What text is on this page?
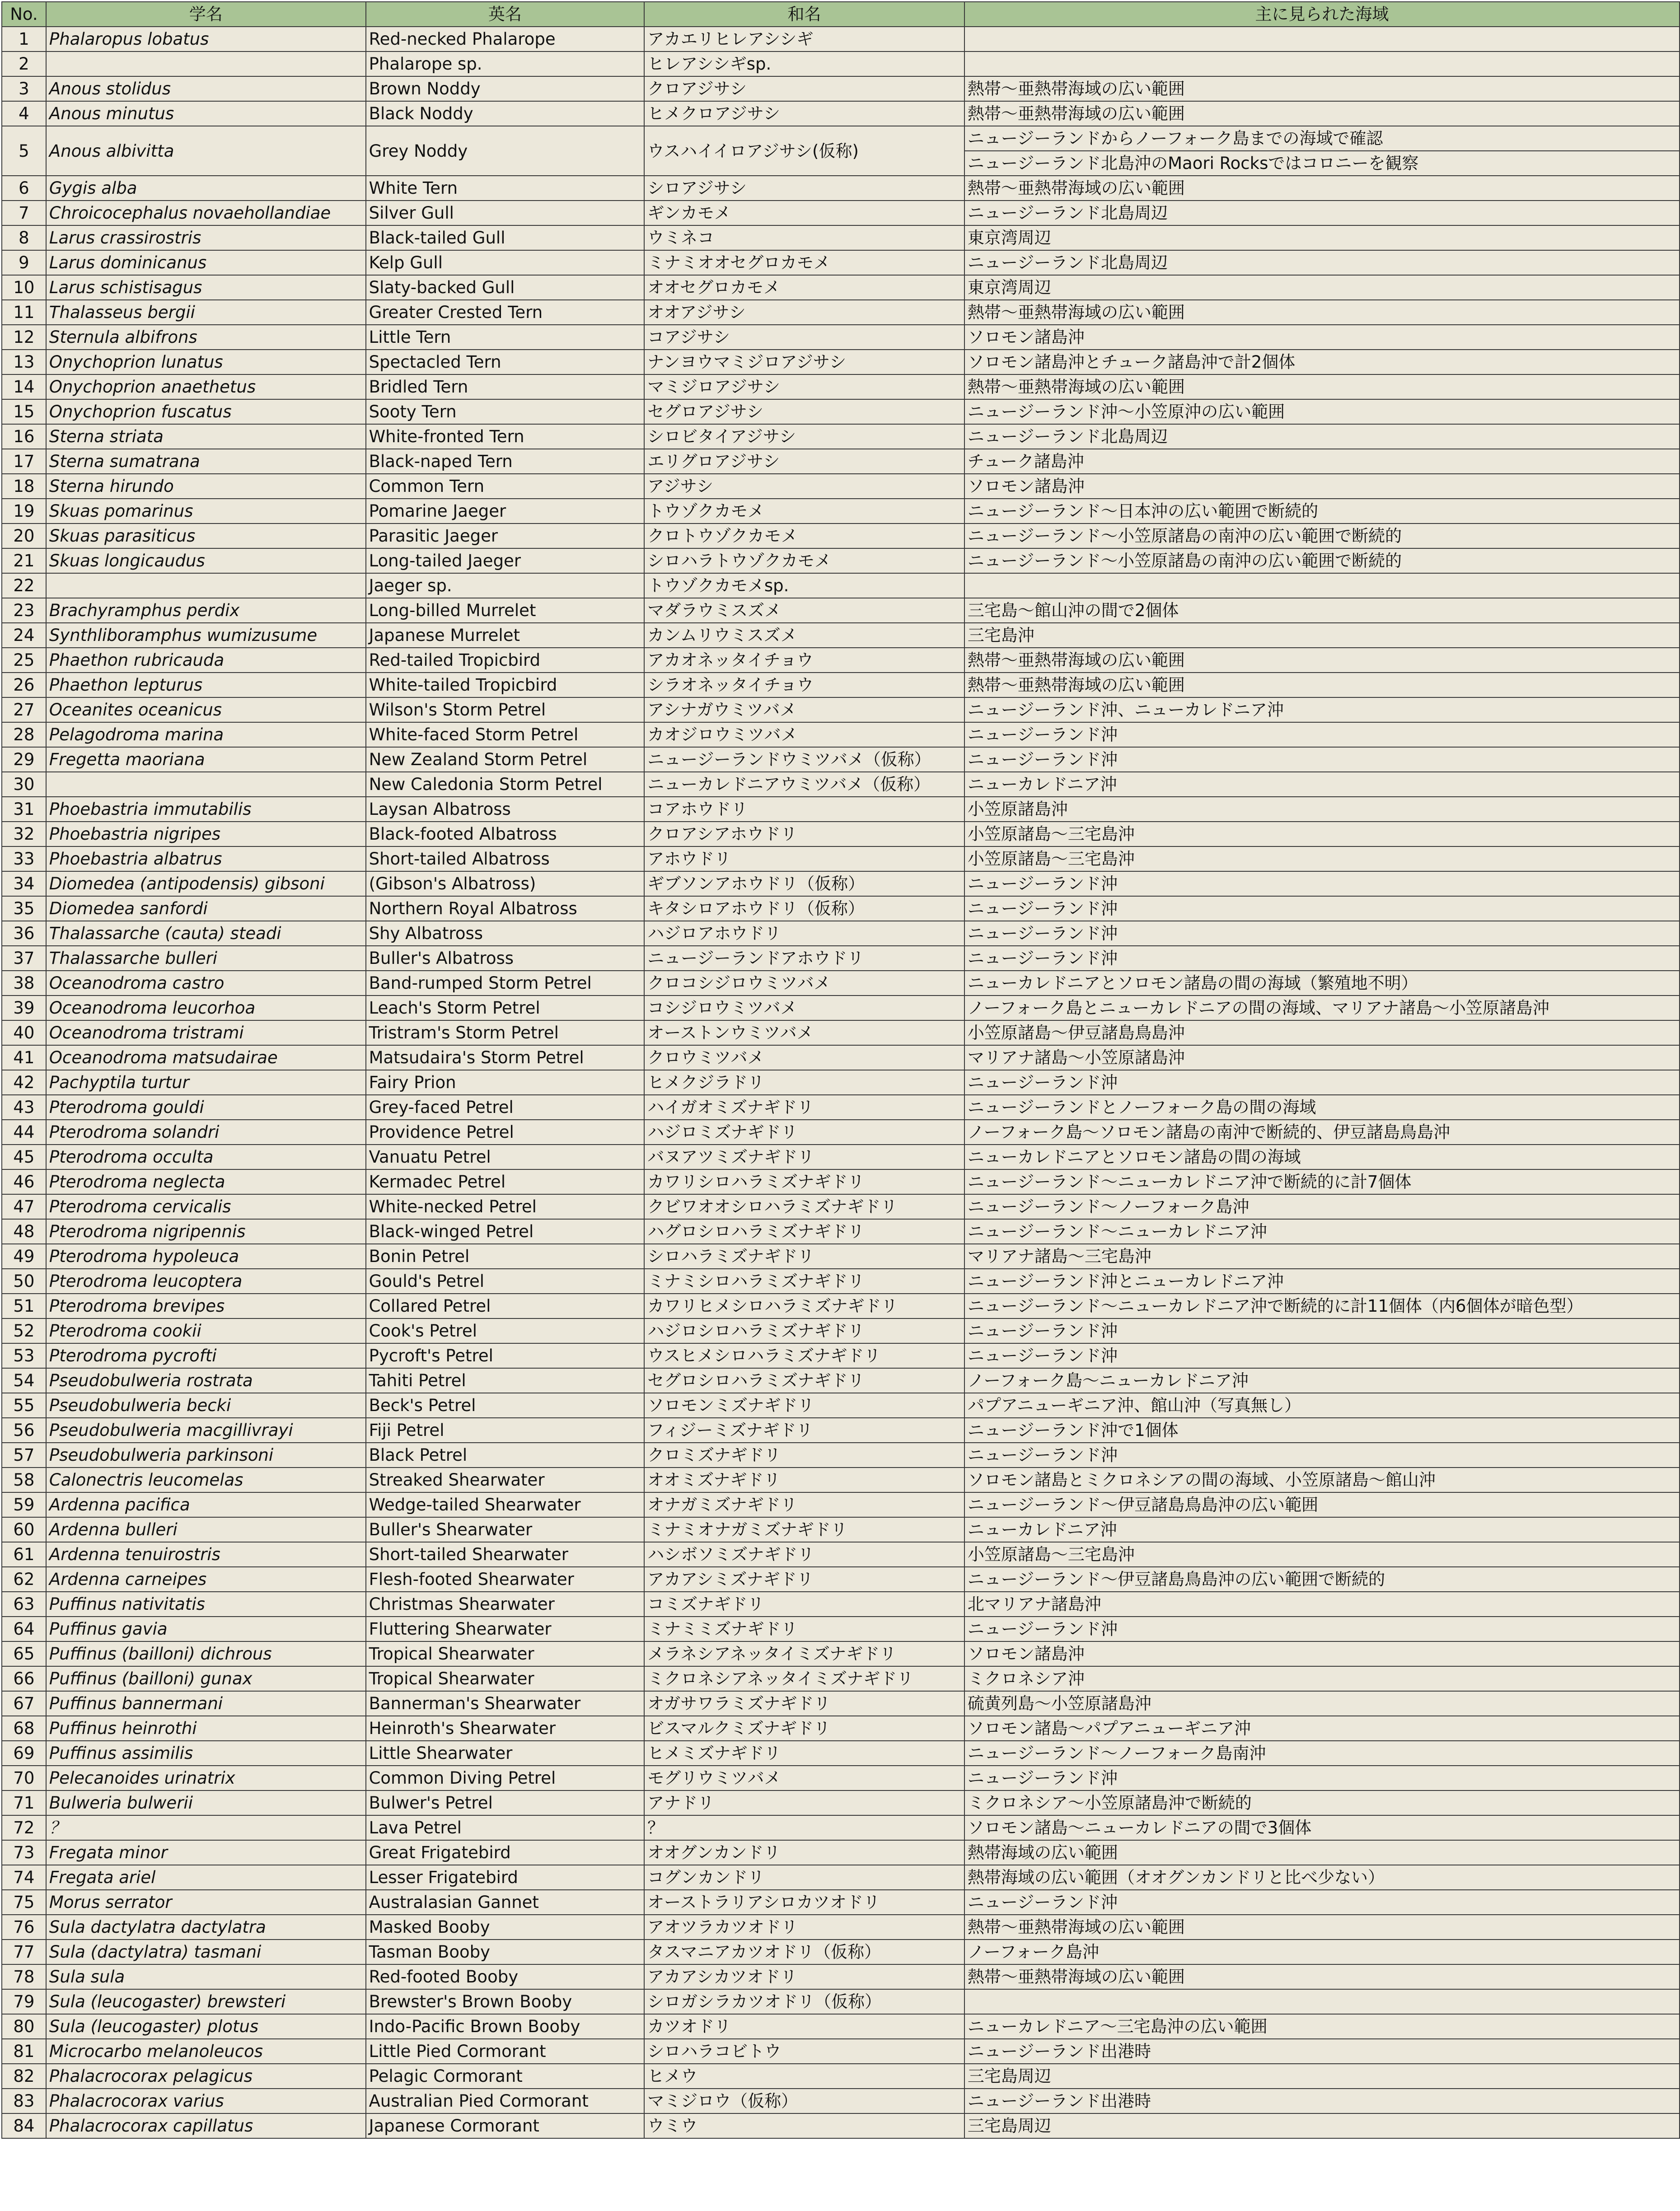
No.	学名	英名	和名	主に見られた海域
1	Phalaropus lobatus	Red-necked Phalarope	アカエリヒレアシシギ	
2		Phalarope sp.	ヒレアシシギsp.	
3	Anous stolidus	Brown Noddy	クロアジサシ	熱帯～亜熱帯海域の広い範囲
4	Anous minutus	Black Noddy	ヒメクロアジサシ	熱帯～亜熱帯海域の広い範囲
5	Anous albivitta	Grey Noddy	ウスハイイロアジサシ(仮称)	ニュージーランドからノーフォーク島までの海域で確認
				ニュージーランド北島沖のMaori Rocksではコロニーを観察
6	Gygis alba	White Tern	シロアジサシ	熱帯～亜熱帯海域の広い範囲
7	Chroicocephalus novaehollandiae	Silver Gull	ギンカモメ	ニュージーランド北島周辺
8	Larus crassirostris	Black-tailed Gull	ウミネコ	東京湾周辺
9	Larus dominicanus	Kelp Gull	ミナミオオセグロカモメ	ニュージーランド北島周辺
10	Larus schistisagus	Slaty-backed Gull	オオセグロカモメ	東京湾周辺
11	Thalasseus bergii	Greater Crested Tern	オオアジサシ	熱帯～亜熱帯海域の広い範囲
12	Sternula albifrons	Little Tern	コアジサシ	ソロモン諸島沖
13	Onychoprion lunatus	Spectacled Tern	ナンヨウマミジロアジサシ	ソロモン諸島沖とチューク諸島沖で計2個体
14	Onychoprion anaethetus	Bridled Tern	マミジロアジサシ	熱帯～亜熱帯海域の広い範囲
15	Onychoprion fuscatus	Sooty Tern	セグロアジサシ	ニュージーランド沖～小笠原沖の広い範囲
16	Sterna striata	White-fronted Tern	シロビタイアジサシ	ニュージーランド北島周辺
17	Sterna sumatrana	Black-naped Tern	エリグロアジサシ	チューク諸島沖
18	Sterna hirundo	Common Tern	アジサシ	ソロモン諸島沖
19	Skuas pomarinus	Pomarine Jaeger	トウゾクカモメ	ニュージーランド～日本沖の広い範囲で断続的
20	Skuas parasiticus	Parasitic Jaeger	クロトウゾクカモメ	ニュージーランド～小笠原諸島の南沖の広い範囲で断続的
21	Skuas longicaudus	Long-tailed Jaeger	シロハラトウゾクカモメ	ニュージーランド～小笠原諸島の南沖の広い範囲で断続的
22		Jaeger sp.	トウゾクカモメsp.	
23	Brachyramphus perdix	Long-billed Murrelet	マダラウミスズメ	三宅島～館山沖の間で2個体
24	Synthliboramphus wumizusume	Japanese Murrelet	カンムリウミスズメ	三宅島沖
25	Phaethon rubricauda	Red-tailed Tropicbird	アカオネッタイチョウ	熱帯～亜熱帯海域の広い範囲
26	Phaethon lepturus	White-tailed Tropicbird	シラオネッタイチョウ	熱帯～亜熱帯海域の広い範囲
27	Oceanites oceanicus	Wilson's Storm Petrel	アシナガウミツバメ	ニュージーランド沖、ニューカレドニア沖
28	Pelagodroma marina	White-faced Storm Petrel	カオジロウミツバメ	ニュージーランド沖
29	Fregetta maoriana	New Zealand Storm Petrel	ニュージーランドウミツバメ（仮称）	ニュージーランド沖
30		New Caledonia Storm Petrel	ニューカレドニアウミツバメ（仮称）	ニューカレドニア沖
31	Phoebastria immutabilis	Laysan Albatross	コアホウドリ	小笠原諸島沖
32	Phoebastria nigripes	Black-footed Albatross	クロアシアホウドリ	小笠原諸島～三宅島沖
33	Phoebastria albatrus	Short-tailed Albatross	アホウドリ	小笠原諸島～三宅島沖
34	Diomedea (antipodensis) gibsoni	(Gibson's Albatross)	ギブソンアホウドリ（仮称）	ニュージーランド沖
35	Diomedea sanfordi	Northern Royal Albatross	キタシロアホウドリ（仮称）	ニュージーランド沖
36	Thalassarche (cauta) steadi	Shy Albatross	ハジロアホウドリ	ニュージーランド沖
37	Thalassarche bulleri	Buller's Albatross	ニュージーランドアホウドリ	ニュージーランド沖
38	Oceanodroma castro	Band-rumped Storm Petrel	クロコシジロウミツバメ	ニューカレドニアとソロモン諸島の間の海域（繁殖地不明）
39	Oceanodroma leucorhoa	Leach's Storm Petrel	コシジロウミツバメ	ノーフォーク島とニューカレドニアの間の海域、マリアナ諸島～小笠原諸島沖
40	Oceanodroma tristrami	Tristram's Storm Petrel	オーストンウミツバメ	小笠原諸島～伊豆諸島鳥島沖
41	Oceanodroma matsudairae	Matsudaira's Storm Petrel	クロウミツバメ	マリアナ諸島～小笠原諸島沖
42	Pachyptila turtur	Fairy Prion	ヒメクジラドリ	ニュージーランド沖
43	Pterodroma gouldi	Grey-faced Petrel	ハイガオミズナギドリ	ニュージーランドとノーフォーク島の間の海域
44	Pterodroma solandri	Providence Petrel	ハジロミズナギドリ	ノーフォーク島～ソロモン諸島の南沖で断続的、伊豆諸島鳥島沖
45	Pterodroma occulta	Vanuatu Petrel	バヌアツミズナギドリ	ニューカレドニアとソロモン諸島の間の海域
46	Pterodroma neglecta	Kermadec Petrel	カワリシロハラミズナギドリ	ニュージーランド～ニューカレドニア沖で断続的に計7個体
47	Pterodroma cervicalis	White-necked Petrel	クビワオオシロハラミズナギドリ	ニュージーランド～ノーフォーク島沖
48	Pterodroma nigripennis	Black-winged Petrel	ハグロシロハラミズナギドリ	ニュージーランド～ニューカレドニア沖
49	Pterodroma hypoleuca	Bonin Petrel	シロハラミズナギドリ	マリアナ諸島～三宅島沖
50	Pterodroma leucoptera	Gould's Petrel	ミナミシロハラミズナギドリ	ニュージーランド沖とニューカレドニア沖
51	Pterodroma brevipes	Collared Petrel	カワリヒメシロハラミズナギドリ	ニュージーランド～ニューカレドニア沖で断続的に計11個体（内6個体が暗色型）
52	Pterodroma cookii	Cook's Petrel	ハジロシロハラミズナギドリ	ニュージーランド沖
53	Pterodroma pycrofti	Pycroft's Petrel	ウスヒメシロハラミズナギドリ	ニュージーランド沖
54	Pseudobulweria rostrata	Tahiti Petrel	セグロシロハラミズナギドリ	ノーフォーク島～ニューカレドニア沖
55	Pseudobulweria becki	Beck's Petrel	ソロモンミズナギドリ	パプアニューギニア沖、館山沖（写真無し）
56	Pseudobulweria macgillivrayi	Fiji Petrel	フィジーミズナギドリ	ニュージーランド沖で1個体
57	Pseudobulweria parkinsoni	Black Petrel	クロミズナギドリ	ニュージーランド沖
58	Calonectris leucomelas	Streaked Shearwater	オオミズナギドリ	ソロモン諸島とミクロネシアの間の海域、小笠原諸島～館山沖
59	Ardenna pacifica	Wedge-tailed Shearwater	オナガミズナギドリ	ニュージーランド～伊豆諸島鳥島沖の広い範囲
60	Ardenna bulleri	Buller's Shearwater	ミナミオナガミズナギドリ	ニューカレドニア沖
61	Ardenna tenuirostris	Short-tailed Shearwater	ハシボソミズナギドリ	小笠原諸島～三宅島沖
62	Ardenna carneipes	Flesh-footed Shearwater	アカアシミズナギドリ	ニュージーランド～伊豆諸島鳥島沖の広い範囲で断続的
63	Puffinus nativitatis	Christmas Shearwater	コミズナギドリ	北マリアナ諸島沖
64	Puffinus gavia	Fluttering Shearwater	ミナミミズナギドリ	ニュージーランド沖
65	Puffinus (bailloni) dichrous	Tropical Shearwater	メラネシアネッタイミズナギドリ	ソロモン諸島沖
66	Puffinus (bailloni) gunax	Tropical Shearwater	ミクロネシアネッタイミズナギドリ	ミクロネシア沖
67	Puffinus bannermani	Bannerman's Shearwater	オガサワラミズナギドリ	硫黄列島～小笠原諸島沖
68	Puffinus heinrothi	Heinroth's Shearwater	ビスマルクミズナギドリ	ソロモン諸島～パプアニューギニア沖
69	Puffinus assimilis	Little Shearwater	ヒメミズナギドリ	ニュージーランド～ノーフォーク島南沖
70	Pelecanoides urinatrix	Common Diving Petrel	モグリウミツバメ	ニュージーランド沖
71	Bulweria bulwerii	Bulwer's Petrel	アナドリ	ミクロネシア～小笠原諸島沖で断続的
72	？	Lava Petrel	？	ソロモン諸島～ニューカレドニアの間で3個体
73	Fregata minor	Great Frigatebird	オオグンカンドリ	熱帯海域の広い範囲
74	Fregata ariel	Lesser Frigatebird	コグンカンドリ	熱帯海域の広い範囲（オオグンカンドリと比べ少ない）
75	Morus serrator	Australasian Gannet	オーストラリアシロカツオドリ	ニュージーランド沖
76	Sula dactylatra dactylatra	Masked Booby	アオツラカツオドリ	熱帯～亜熱帯海域の広い範囲
77	Sula (dactylatra) tasmani	Tasman Booby	タスマニアカツオドリ（仮称）	ノーフォーク島沖
78	Sula sula	Red-footed Booby	アカアシカツオドリ	熱帯～亜熱帯海域の広い範囲
79	Sula (leucogaster) brewsteri	Brewster's Brown Booby	シロガシラカツオドリ（仮称）	
80	Sula (leucogaster) plotus	Indo-Pacific Brown Booby	カツオドリ	ニューカレドニア～三宅島沖の広い範囲
81	Microcarbo melanoleucos	Little Pied Cormorant	シロハラコビトウ	ニュージーランド出港時
82	Phalacrocorax pelagicus	Pelagic Cormorant	ヒメウ	三宅島周辺
83	Phalacrocorax varius	Australian Pied Cormorant	マミジロウ（仮称）	ニュージーランド出港時
84	Phalacrocorax capillatus	Japanese Cormorant	ウミウ	三宅島周辺
